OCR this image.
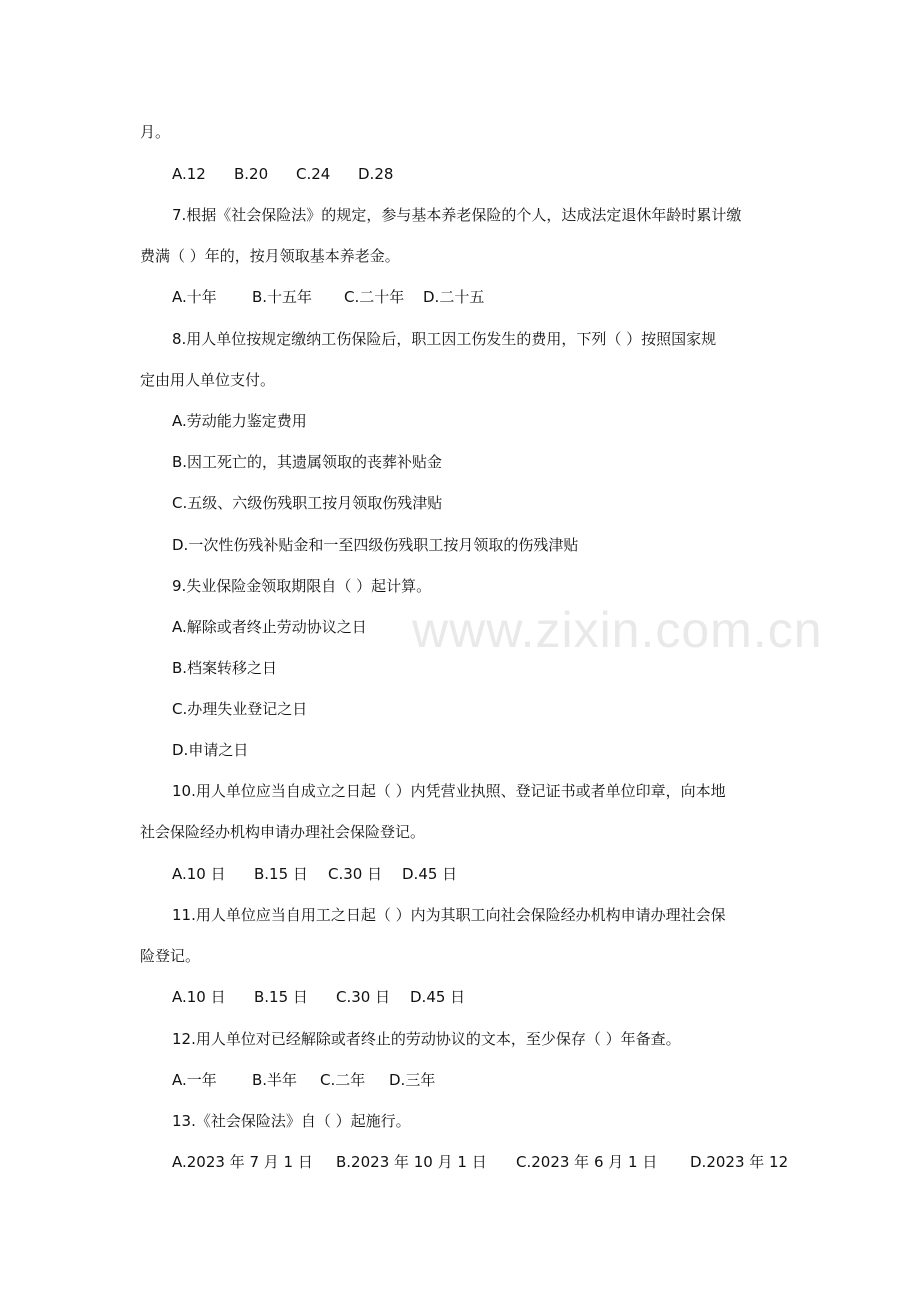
月。
A.12 B.20 C.24 D.28
7.根据《社会保险法》的规定，参与基本养老保险的个人，达成法定退休年龄时累计缴
费满（ ）年的，按月领取基本养老金。
A.十年 B.十五年 C.二十年 D.二十五
8.用人单位按规定缴纳工伤保险后，职工因工伤发生的费用，下列（ ）按照国家规
定由用人单位支付。
A.劳动能力鉴定费用
B.因工死亡的，其遗属领取的丧葬补贴金
C.五级、六级伤残职工按月领取伤残津贴
D.一次性伤残补贴金和一至四级伤残职工按月领取的伤残津贴
9.失业保险金领取期限自（ ）起计算。
A.解除或者终止劳动协议之日
B.档案转移之日
C.办理失业登记之日
D.申请之日
10.用人单位应当自成立之日起（ ）内凭营业执照、登记证书或者单位印章，向本地
社会保险经办机构申请办理社会保险登记。
A.10 日 B.15 日 C.30 日 D.45 日
11.用人单位应当自用工之日起（ ）内为其职工向社会保险经办机构申请办理社会保
险登记。
A.10 日 B.15 日 C.30 日 D.45 日
12.用人单位对已经解除或者终止的劳动协议的文本，至少保存（ ）年备查。
A.一年 B.半年 C.二年 D.三年
13.《社会保险法》自（ ）起施行。
A.2023 年 7 月 1 日 B.2023 年 10 月 1 日 C.2023 年 6 月 1 日 D.2023 年 12
www.zixin.com.cn
